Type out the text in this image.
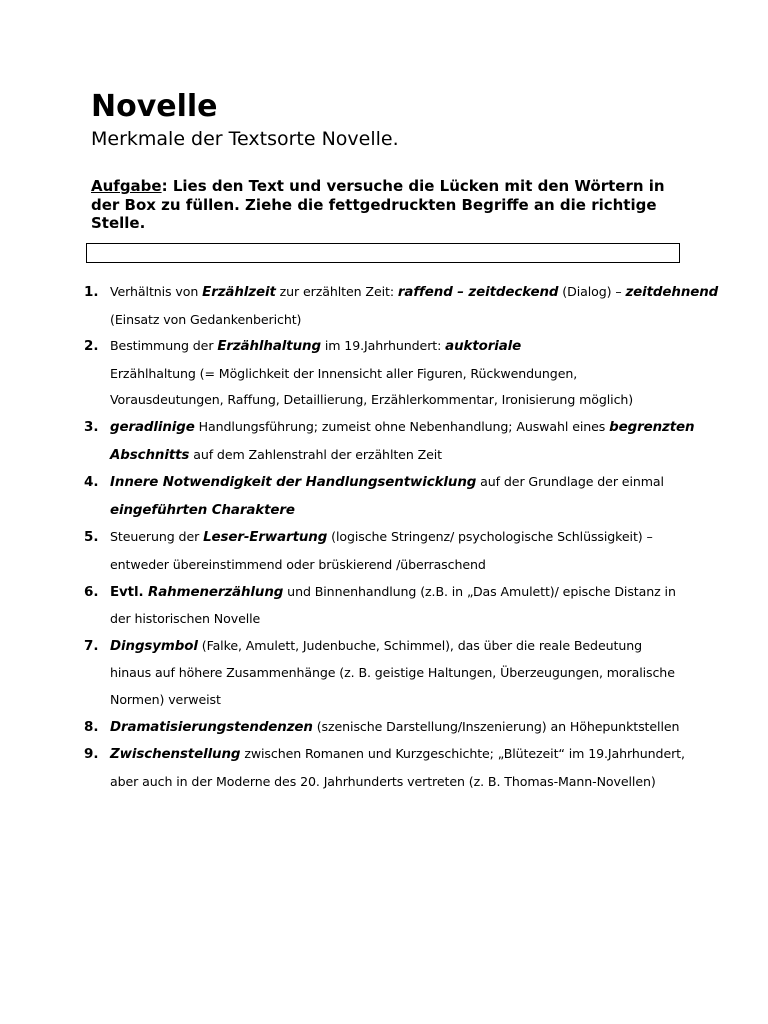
Novelle
Merkmale der Textsorte Novelle.

Aufgabe: Lies den Text und versuche die Lücken mit den Wörtern in der Box zu füllen. Ziehe die fettgedruckten Begriffe an die richtige Stelle.

1. Verhältnis von Erzählzeit zur erzählten Zeit: raffend – zeitdeckend (Dialog) – zeitdehnend
(Einsatz von Gedankenbericht)
2. Bestimmung der Erzählhaltung im 19.Jahrhundert: auktoriale
Erzählhaltung (= Möglichkeit der Innensicht aller Figuren, Rückwendungen,
Vorausdeutungen, Raffung, Detaillierung, Erzählerkommentar, Ironisierung möglich)
3. geradlinige Handlungsführung; zumeist ohne Nebenhandlung; Auswahl eines begrenzten
Abschnitts auf dem Zahlenstrahl der erzählten Zeit
4. Innere Notwendigkeit der Handlungsentwicklung auf der Grundlage der einmal
eingeführten Charaktere
5. Steuerung der Leser-Erwartung (logische Stringenz/ psychologische Schlüssigkeit) –
entweder übereinstimmend oder brüskierend /überraschend
6. Evtl. Rahmenerzählung und Binnenhandlung (z.B. in „Das Amulett)/ epische Distanz in
der historischen Novelle
7. Dingsymbol (Falke, Amulett, Judenbuche, Schimmel), das über die reale Bedeutung
hinaus auf höhere Zusammenhänge (z. B. geistige Haltungen, Überzeugungen, moralische
Normen) verweist
8. Dramatisierungstendenzen (szenische Darstellung/Inszenierung) an Höhepunktstellen
9. Zwischenstellung zwischen Romanen und Kurzgeschichte; „Blütezeit“ im 19.Jahrhundert,
aber auch in der Moderne des 20. Jahrhunderts vertreten (z. B. Thomas-Mann-Novellen)
